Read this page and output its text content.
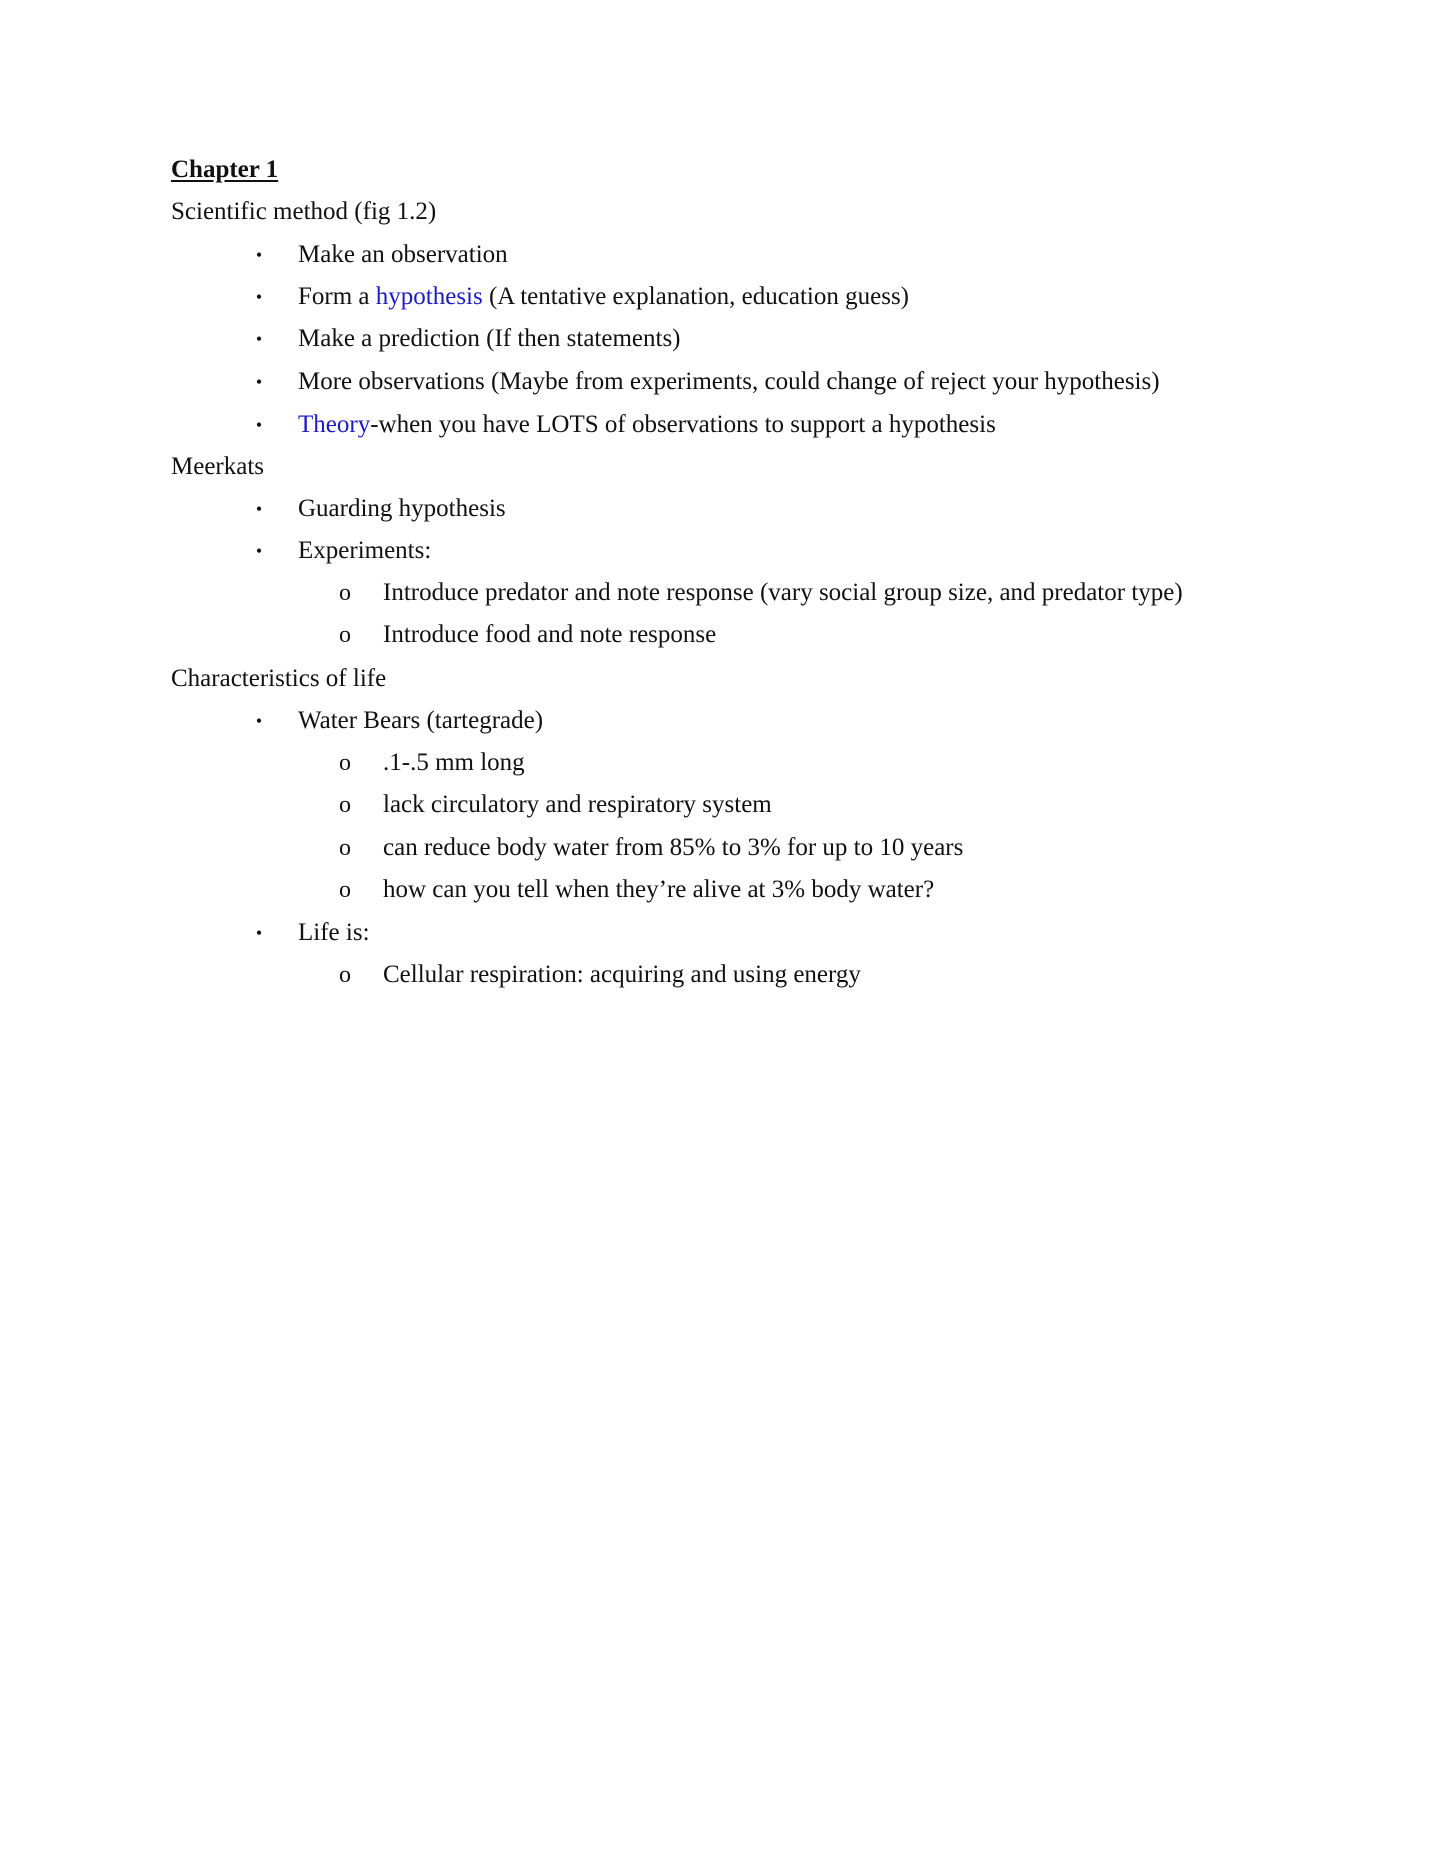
Chapter 1
Scientific method (fig 1.2)
• Make an observation
• Form a hypothesis (A tentative explanation, education guess)
• Make a prediction (If then statements)
• More observations (Maybe from experiments, could change of reject your hypothesis)
• Theory-when you have LOTS of observations to support a hypothesis
Meerkats
• Guarding hypothesis
• Experiments:
o Introduce predator and note response (vary social group size, and predator type)
o Introduce food and note response
Characteristics of life
• Water Bears (tartegrade)
o .1-.5 mm long
o lack circulatory and respiratory system
o can reduce body water from 85% to 3% for up to 10 years
o how can you tell when they’re alive at 3% body water?
• Life is:
o Cellular respiration: acquiring and using energy
